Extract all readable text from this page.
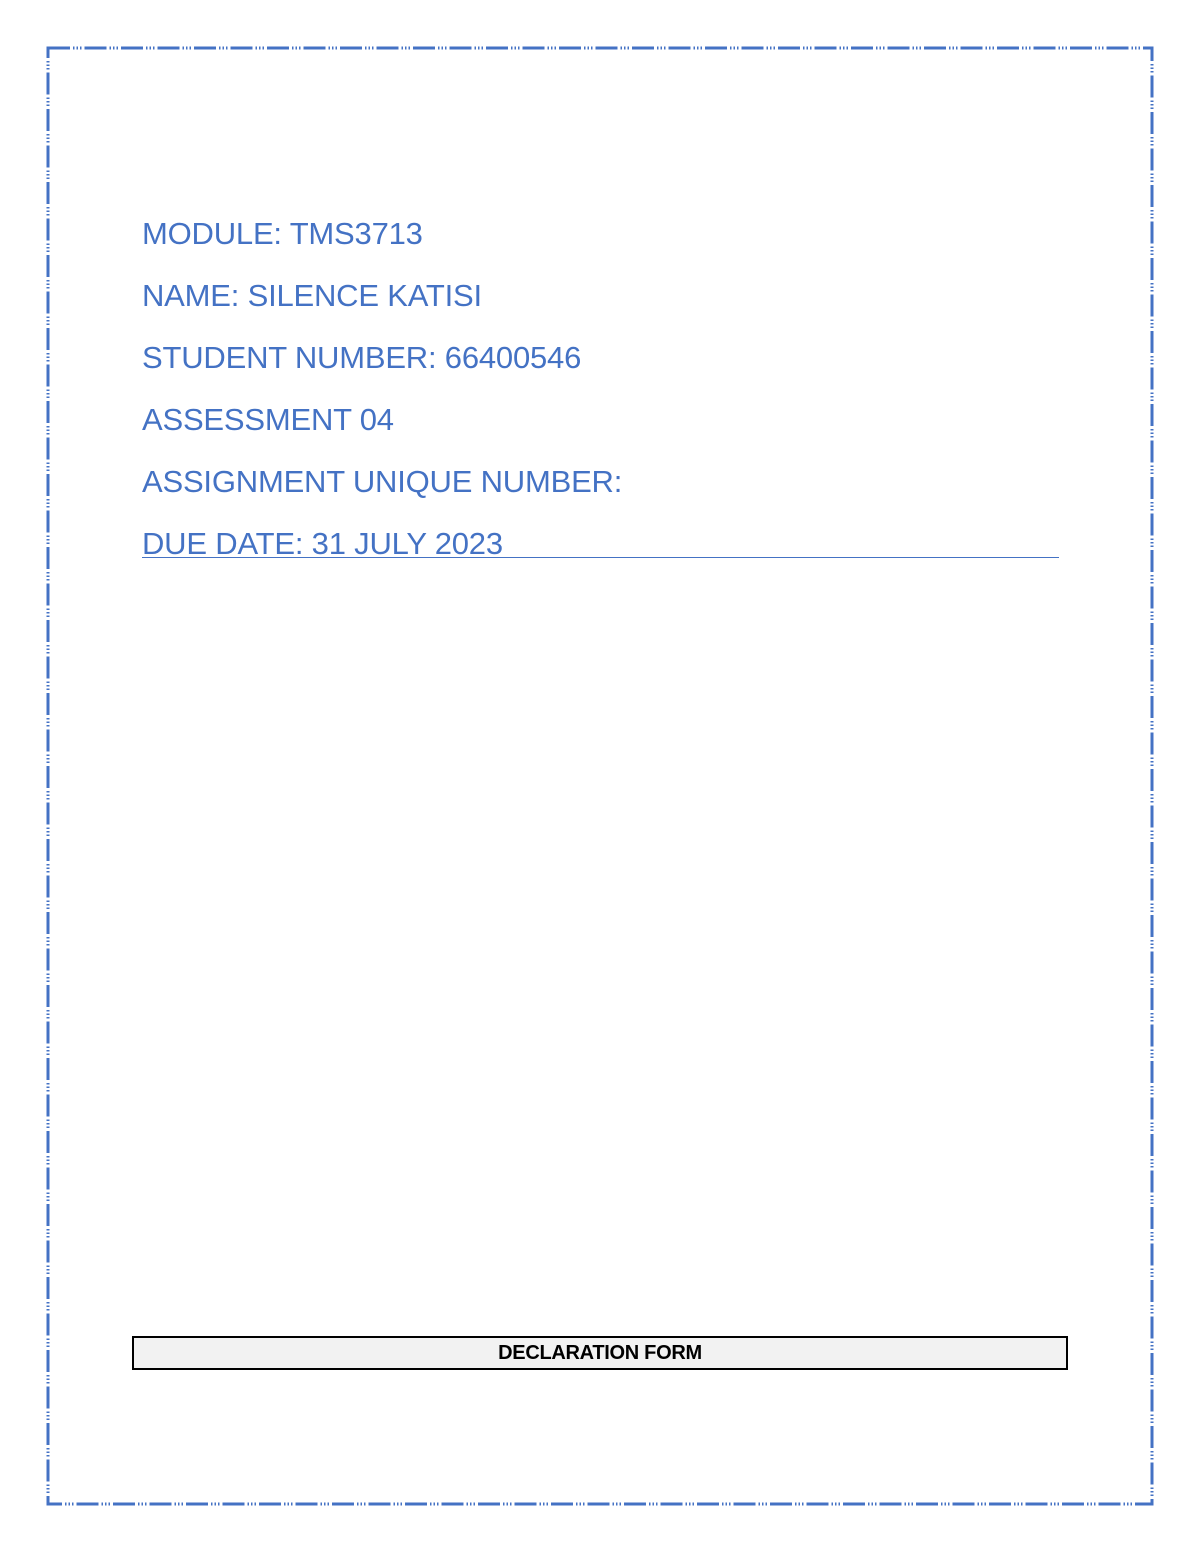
MODULE: TMS3713
NAME: SILENCE KATISI
STUDENT NUMBER: 66400546
ASSESSMENT 04
ASSIGNMENT UNIQUE NUMBER:
DUE DATE: 31 JULY 2023
DECLARATION FORM
